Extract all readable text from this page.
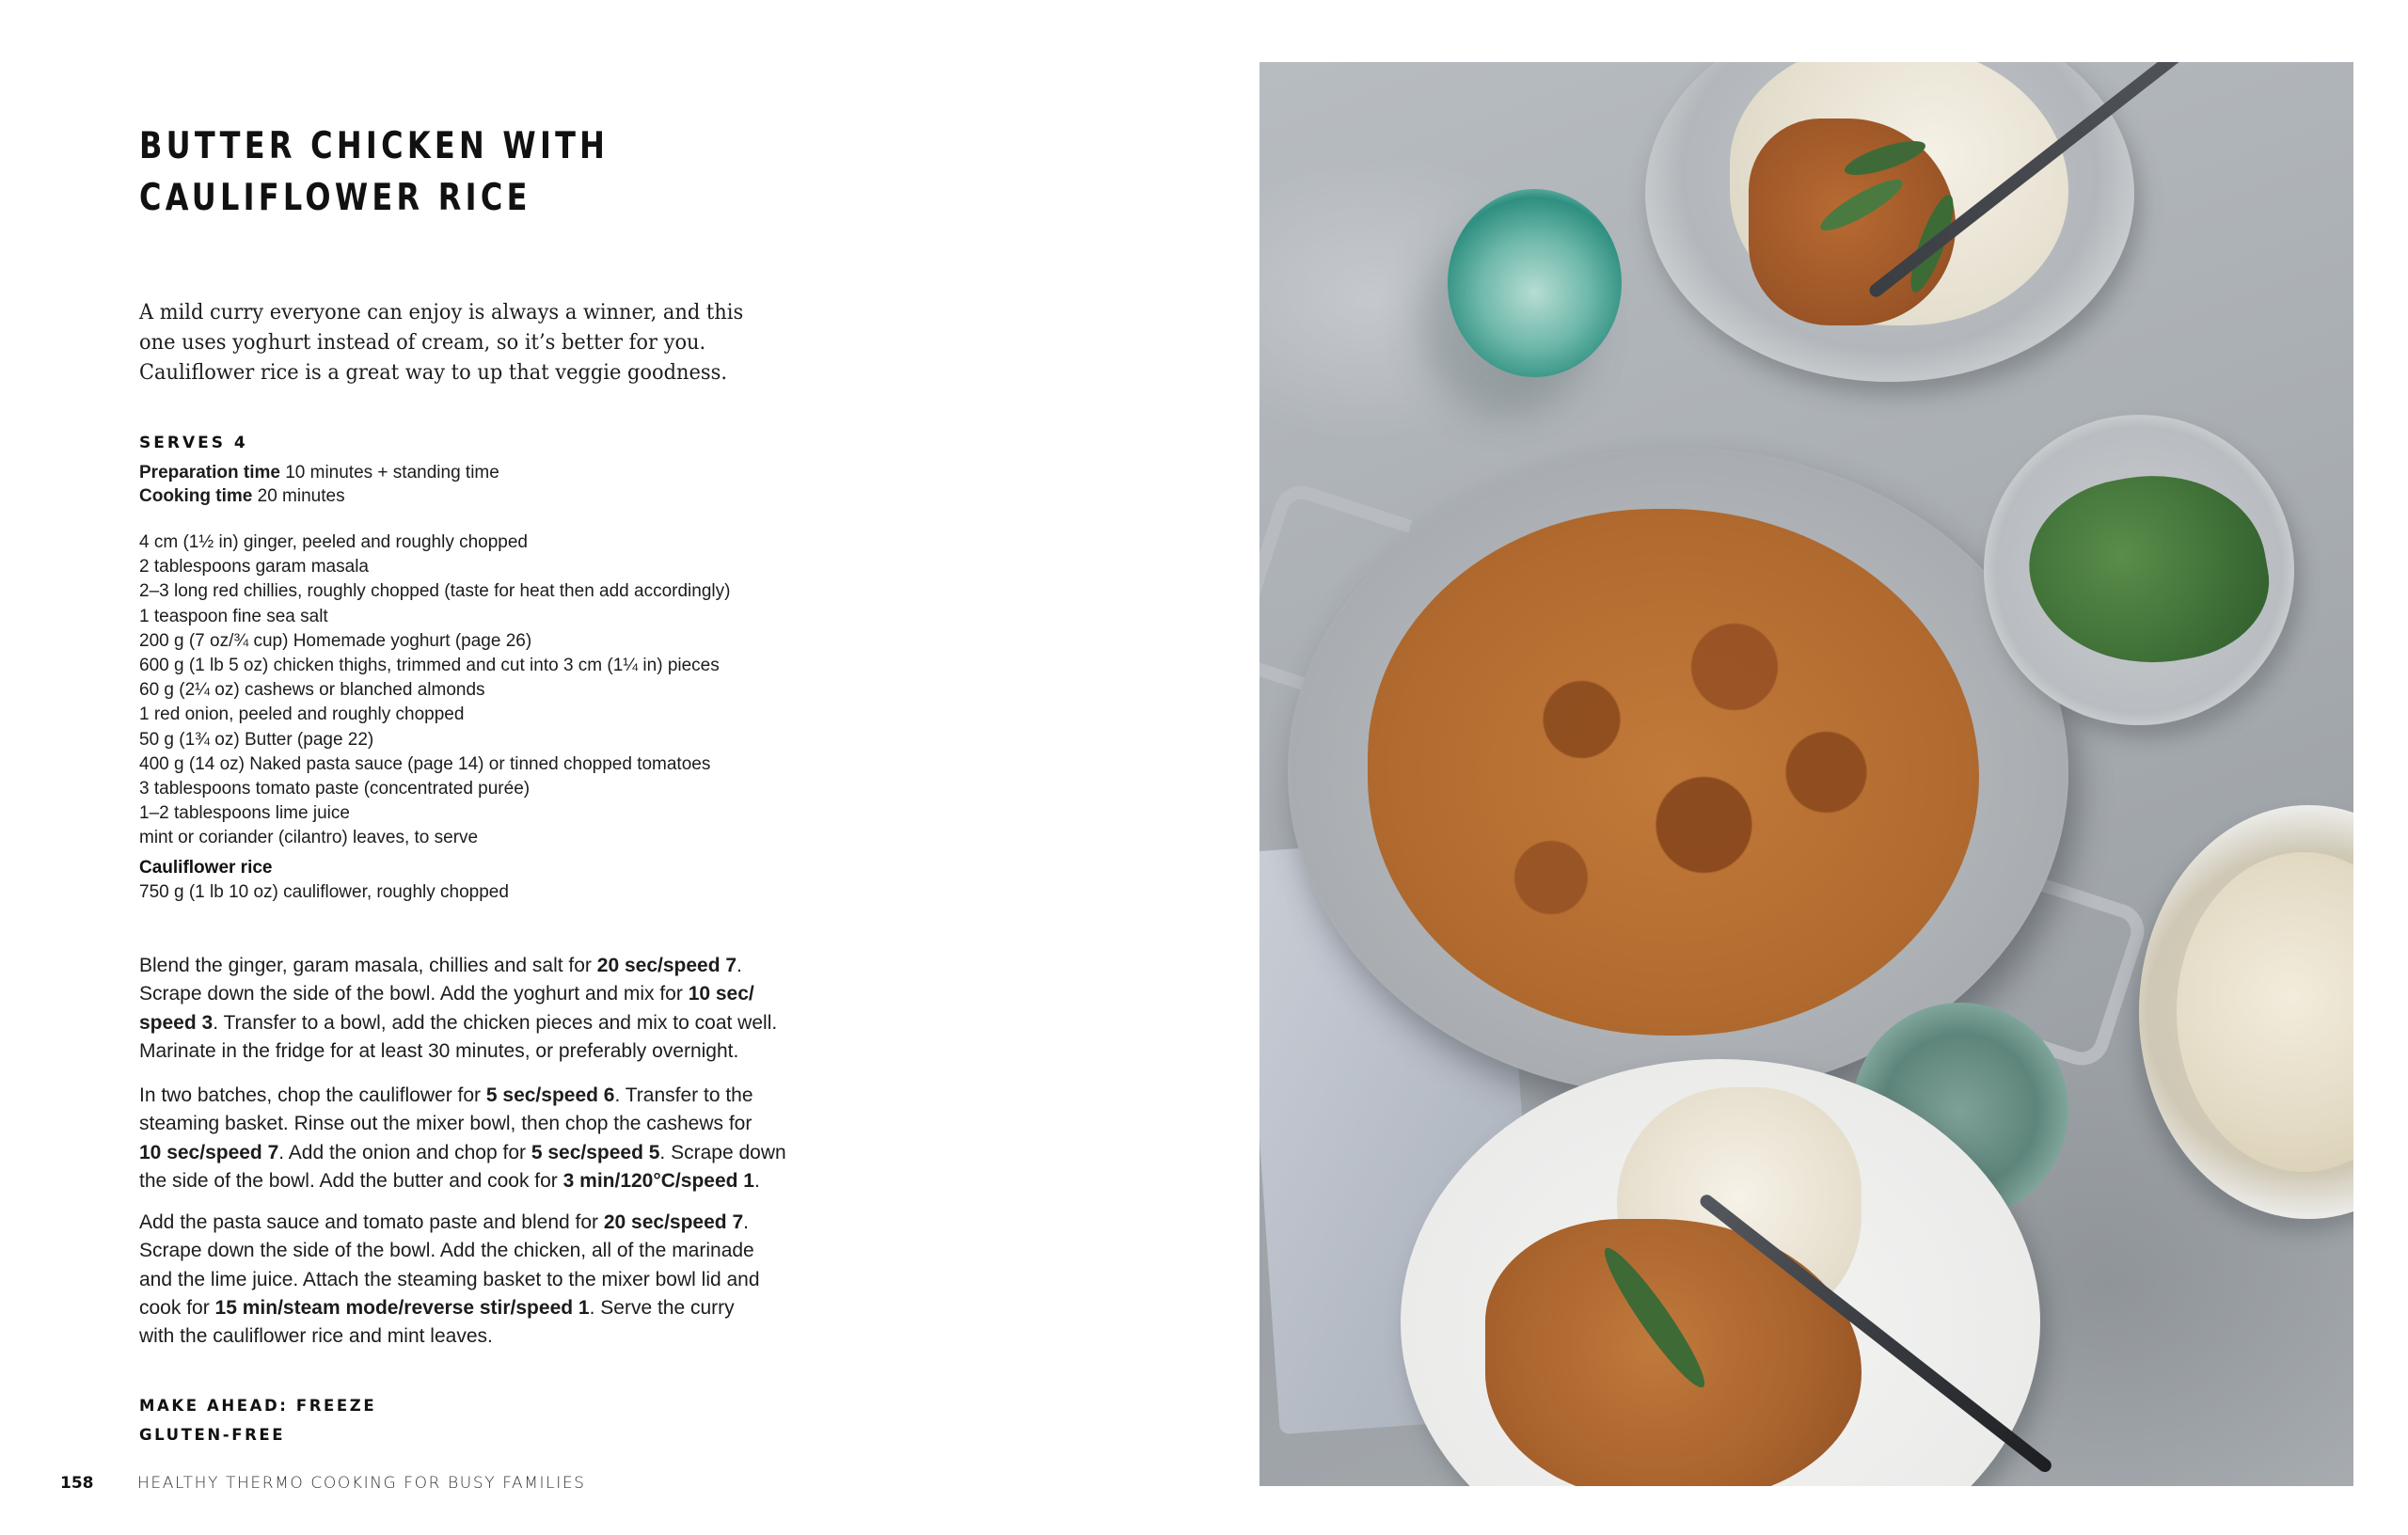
BUTTER CHICKEN WITH
CAULIFLOWER RICE

A mild curry everyone can enjoy is always a winner, and this
one uses yoghurt instead of cream, so it’s better for you.
Cauliflower rice is a great way to up that veggie goodness.

SERVES 4
Preparation time 10 minutes + standing time
Cooking time 20 minutes
4 cm (1½ in) ginger, peeled and roughly chopped
2 tablespoons garam masala
2–3 long red chillies, roughly chopped (taste for heat then add accordingly)
1 teaspoon fine sea salt
200 g (7 oz/¾ cup) Homemade yoghurt (page 26)
600 g (1 lb 5 oz) chicken thighs, trimmed and cut into 3 cm (1¼ in) pieces
60 g (2¼ oz) cashews or blanched almonds
1 red onion, peeled and roughly chopped
50 g (1¾ oz) Butter (page 22)
400 g (14 oz) Naked pasta sauce (page 14) or tinned chopped tomatoes
3 tablespoons tomato paste (concentrated purée)
1–2 tablespoons lime juice
mint or coriander (cilantro) leaves, to serve
Cauliflower rice
750 g (1 lb 10 oz) cauliflower, roughly chopped

Blend the ginger, garam masala, chillies and salt for 20 sec/speed 7.
Scrape down the side of the bowl. Add the yoghurt and mix for 10 sec/
speed 3. Transfer to a bowl, add the chicken pieces and mix to coat well.
Marinate in the fridge for at least 30 minutes, or preferably overnight.

In two batches, chop the cauliflower for 5 sec/speed 6. Transfer to the
steaming basket. Rinse out the mixer bowl, then chop the cashews for
10 sec/speed 7. Add the onion and chop for 5 sec/speed 5. Scrape down
the side of the bowl. Add the butter and cook for 3 min/120°C/speed 1.

Add the pasta sauce and tomato paste and blend for 20 sec/speed 7.
Scrape down the side of the bowl. Add the chicken, all of the marinade
and the lime juice. Attach the steaming basket to the mixer bowl lid and
cook for 15 min/steam mode/reverse stir/speed 1. Serve the curry
with the cauliflower rice and mint leaves.

MAKE AHEAD: FREEZE
GLUTEN-FREE
158	HEALTHY THERMO COOKING FOR BUSY FAMILIES
